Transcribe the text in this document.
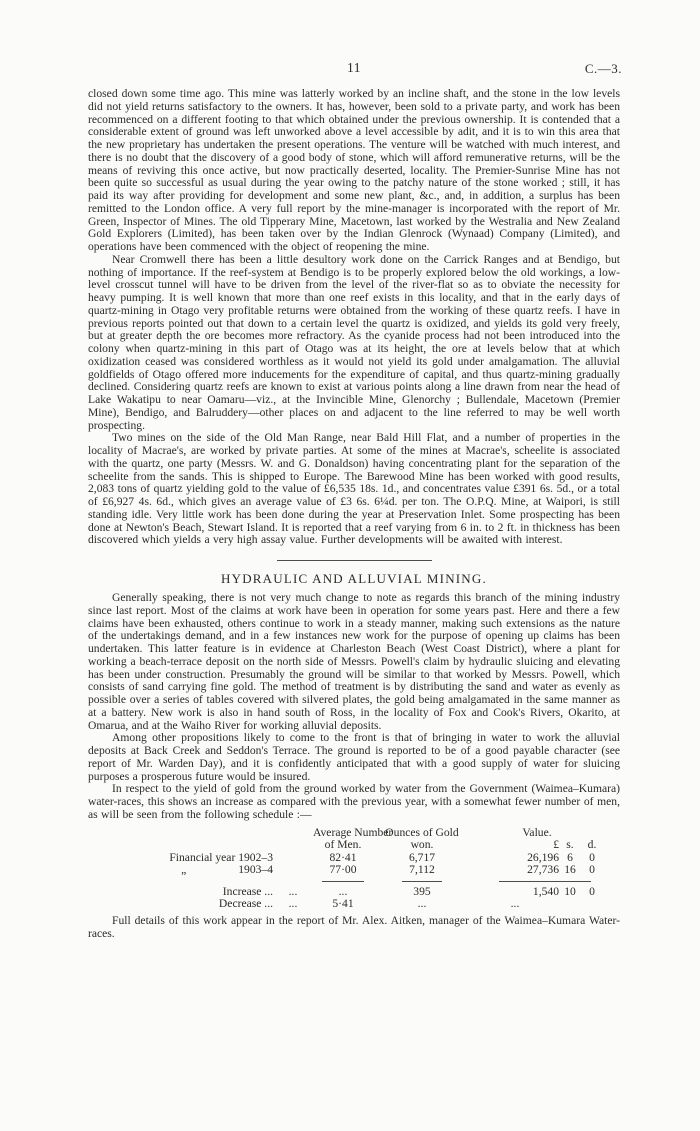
11	C.—3.

closed down some time ago. This mine was latterly worked by an incline shaft, and the stone in the low levels did not yield returns satisfactory to the owners. It has, however, been sold to a private party, and work has been recommenced on a different footing to that which obtained under the previous ownership. It is contended that a considerable extent of ground was left unworked above a level accessible by adit, and it is to win this area that the new proprietary has undertaken the present operations. The venture will be watched with much interest, and there is no doubt that the discovery of a good body of stone, which will afford remunerative returns, will be the means of reviving this once active, but now practically deserted, locality. The Premier-Sunrise Mine has not been quite so successful as usual during the year owing to the patchy nature of the stone worked ; still, it has paid its way after providing for development and some new plant, &c., and, in addition, a surplus has been remitted to the London office. A very full report by the mine-manager is incorporated with the report of Mr. Green, Inspector of Mines. The old Tipperary Mine, Macetown, last worked by the Westralia and New Zealand Gold Explorers (Limited), has been taken over by the Indian Glenrock (Wynaad) Company (Limited), and operations have been commenced with the object of reopening the mine.

Near Cromwell there has been a little desultory work done on the Carrick Ranges and at Bendigo, but nothing of importance. If the reef-system at Bendigo is to be properly explored below the old workings, a low-level crosscut tunnel will have to be driven from the level of the river-flat so as to obviate the necessity for heavy pumping. It is well known that more than one reef exists in this locality, and that in the early days of quartz-mining in Otago very profitable returns were obtained from the working of these quartz reefs. I have in previous reports pointed out that down to a certain level the quartz is oxidized, and yields its gold very freely, but at greater depth the ore becomes more refractory. As the cyanide process had not been introduced into the colony when quartz-mining in this part of Otago was at its height, the ore at levels below that at which oxidization ceased was considered worthless as it would not yield its gold under amalgamation. The alluvial goldfields of Otago offered more inducements for the expenditure of capital, and thus quartz-mining gradually declined. Considering quartz reefs are known to exist at various points along a line drawn from near the head of Lake Wakatipu to near Oamaru—viz., at the Invincible Mine, Glenorchy ; Bullendale, Macetown (Premier Mine), Bendigo, and Balruddery—other places on and adjacent to the line referred to may be well worth prospecting.

Two mines on the side of the Old Man Range, near Bald Hill Flat, and a number of properties in the locality of Macrae's, are worked by private parties. At some of the mines at Macrae's, scheelite is associated with the quartz, one party (Messrs. W. and G. Donaldson) having concentrating plant for the separation of the scheelite from the sands. This is shipped to Europe. The Barewood Mine has been worked with good results, 2,083 tons of quartz yielding gold to the value of £6,535 18s. 1d., and concentrates value £391 6s. 5d., or a total of £6,927 4s. 6d., which gives an average value of £3 6s. 6¼d. per ton. The O.P.Q. Mine, at Waipori, is still standing idle. Very little work has been done during the year at Preservation Inlet. Some prospecting has been done at Newton's Beach, Stewart Island. It is reported that a reef varying from 6 in. to 2 ft. in thickness has been discovered which yields a very high assay value. Further developments will be awaited with interest.

HYDRAULIC AND ALLUVIAL MINING.

Generally speaking, there is not very much change to note as regards this branch of the mining industry since last report. Most of the claims at work have been in operation for some years past. Here and there a few claims have been exhausted, others continue to work in a steady manner, making such extensions as the nature of the undertakings demand, and in a few instances new work for the purpose of opening up claims has been undertaken. This latter feature is in evidence at Charleston Beach (West Coast District), where a plant for working a beach-terrace deposit on the north side of Messrs. Powell's claim by hydraulic sluicing and elevating has been under construction. Presumably the ground will be similar to that worked by Messrs. Powell, which consists of sand carrying fine gold. The method of treatment is by distributing the sand and water as evenly as possible over a series of tables covered with silvered plates, the gold being amalgamated in the same manner as at a battery. New work is also in hand south of Ross, in the locality of Fox and Cook's Rivers, Okarito, at Omarua, and at the Waiho River for working alluvial deposits.

Among other propositions likely to come to the front is that of bringing in water to work the alluvial deposits at Back Creek and Seddon's Terrace. The ground is reported to be of a good payable character (see report of Mr. Warden Day), and it is confidently anticipated that with a good supply of water for sluicing purposes a prosperous future would be insured.

In respect to the yield of gold from the ground worked by water from the Government (Waimea–Kumara) water-races, this shows an increase as compared with the previous year, with a somewhat fewer number of men, as will be seen from the following schedule :—

		Average Number	Ounces of Gold	Value.			
		of Men.	won.	£	s.	d.	
Financial year 1902–3		82·41	6,717	26,196	6	0	
„ 1903–4		77·00	7,112	27,736	16	0	

Increase ...	...	...	395	1,540	10	0	
Decrease ...	...	5·41	...	...			

Full details of this work appear in the report of Mr. Alex. Aitken, manager of the Waimea–Kumara Water-races.
